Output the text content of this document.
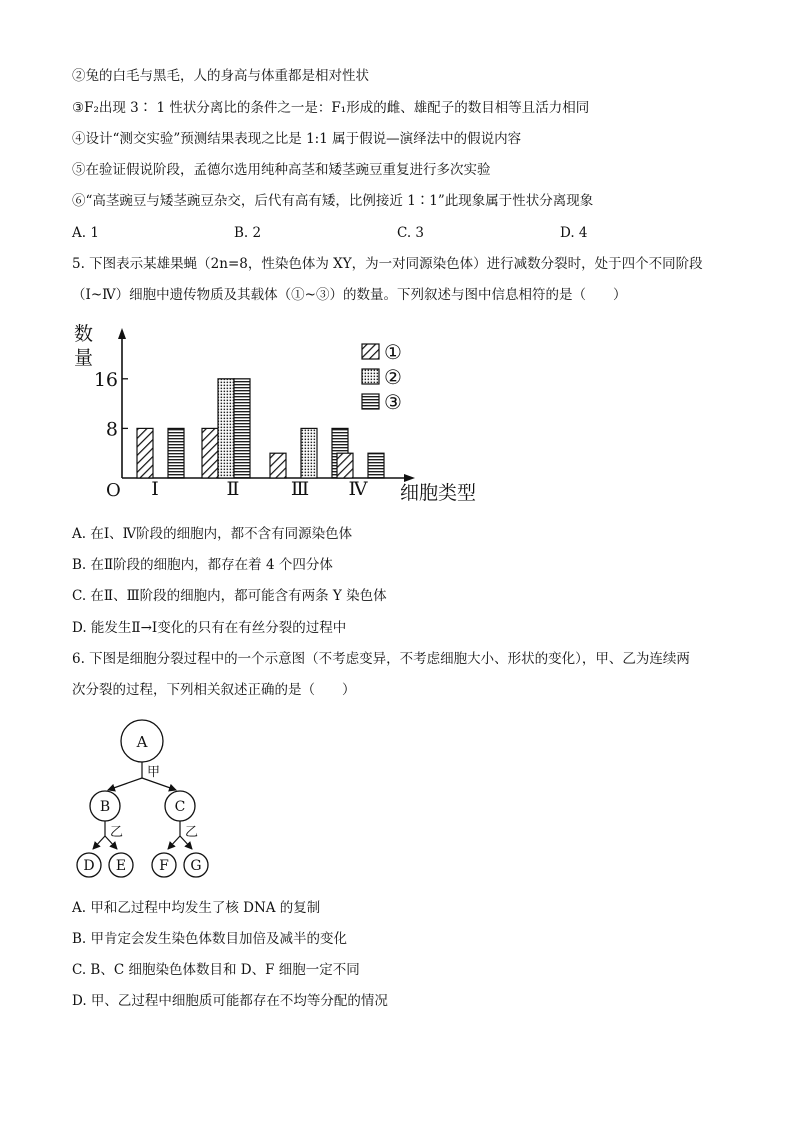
②兔的白毛与黑毛，人的身高与体重都是相对性状
③F₂出现 3∶ 1 性状分离比的条件之一是：F₁形成的雌、雄配子的数目相等且活力相同
④设计“测交实验”预测结果表现之比是 1:1 属于假说—演绎法中的假说内容
⑤在验证假说阶段，孟德尔选用纯种高茎和矮茎豌豆重复进行多次实验
⑥“高茎豌豆与矮茎豌豆杂交，后代有高有矮，比例接近 1∶1”此现象属于性状分离现象
A. 1	B. 2	C. 3	D. 4
5. 下图表示某雄果蝇（2n=8，性染色体为 XY，为一对同源染色体）进行减数分裂时，处于四个不同阶段
（Ⅰ~Ⅳ）细胞中遗传物质及其载体（①~③）的数量。下列叙述与图中信息相符的是（　　）
8
16
Ⅰ	Ⅱ	Ⅲ Ⅳ
①
②
③
数
量
O	细胞类型
A. 在Ⅰ、Ⅳ阶段的细胞内，都不含有同源染色体
B. 在Ⅱ阶段的细胞内，都存在着 4 个四分体
C. 在Ⅱ、Ⅲ阶段的细胞内，都可能含有两条 Y 染色体
D. 能发生Ⅱ→Ⅰ变化的只有在有丝分裂的过程中
6. 下图是细胞分裂过程中的一个示意图（不考虑变异，不考虑细胞大小、形状的变化），甲、乙为连续两
次分裂的过程，下列相关叙述正确的是（　　）
A
甲
B	C
乙	乙
D E F G
A. 甲和乙过程中均发生了核 DNA 的复制
B. 甲肯定会发生染色体数目加倍及减半的变化
C. B、C 细胞染色体数目和 D、F 细胞一定不同
D. 甲、乙过程中细胞质可能都存在不均等分配的情况
